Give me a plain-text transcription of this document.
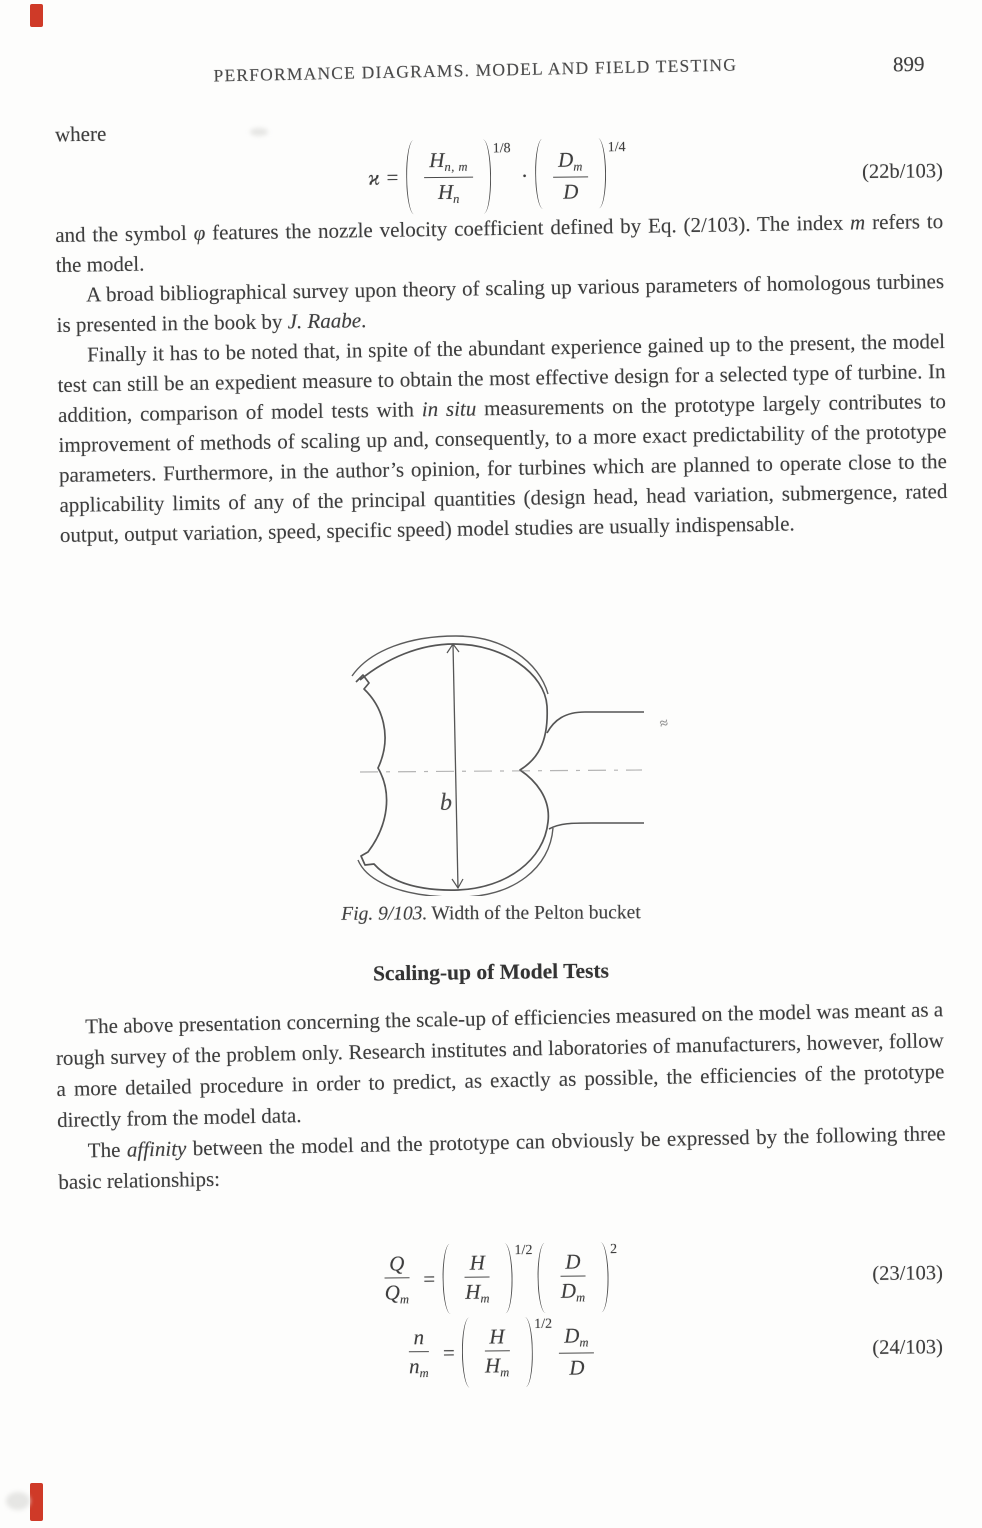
PERFORMANCE DIAGRAMS. MODEL AND FIELD TESTING	899
where
$ϰ = \frac{H_{n, m}}{H_n} 1/8$
· $\frac{D_m}{D} 1/4$
(22b/103)

and the symbol φ features the nozzle velocity coefficient defined by Eq. (2/103). The index m refers to the model.

A broad bibliographical survey upon theory of scaling up various parameters of homologous turbines is presented in the book by J. Raabe.

Finally it has to be noted that, in spite of the abundant experience gained up to the present, the model test can still be an expedient measure to obtain the most effective design for a selected type of turbine. In addition, comparison of model tests with in situ measurements on the prototype largely contributes to improvement of methods of scaling up and, consequently, to a more exact predictability of the prototype parameters. Furthermore, in the author’s opinion, for turbines which are planned to operate close to the applicability limits of any of the principal quantities (design head, head variation, submergence, rated output, output variation, speed, specific speed) model studies are usually indispensable.

b
≈
Fig. 9/103. Width of the Pelton bucket
Scaling-up of Model Tests

The above presentation concerning the scale-up of efficiencies measured on the model was meant as a rough survey of the problem only. Research institutes and laboratories of manufacturers, however, follow a more detailed procedure in order to predict, as exactly as possible, the efficiencies of the prototype directly from the model data.

The affinity between the model and the prototype can obviously be expressed by the following three basic relationships:

$\frac{Q}{Q_m} = \frac{H}{H_m} 1/2 \frac{D}{D_m} 2$
(23/103)
$\frac{n}{n_m} = \frac{H}{H_m} 1/2 \frac{D_m}{D}$	(24/103)
